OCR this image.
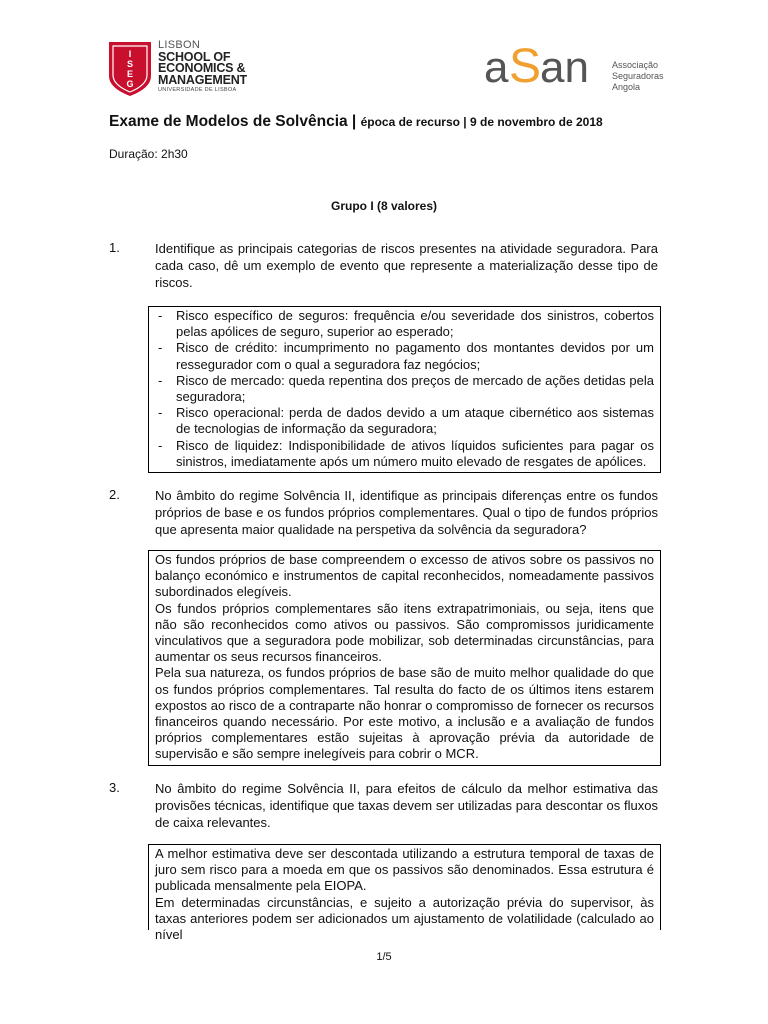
I
S
E
G
LISBON
SCHOOL OF
ECONOMICS &
MANAGEMENT
UNIVERSIDADE DE LISBOA	a S
an	Associação
Seguradoras
Angola
Exame de Modelos de Solvência | época de recurso | 9 de novembro de 2018
Duração: 2h30
Grupo I (8 valores)
1.	Identifique as principais categorias de riscos presentes na atividade seguradora. Para cada caso, dê um exemplo de evento que represente a materialização desse tipo de riscos.
- Risco específico de seguros: frequência e/ou severidade dos sinistros, cobertos pelas apólices de seguro, superior ao esperado;
- Risco de crédito: incumprimento no pagamento dos montantes devidos por um ressegurador com o qual a seguradora faz negócios;
- Risco de mercado: queda repentina dos preços de mercado de ações detidas pela seguradora;
- Risco operacional: perda de dados devido a um ataque cibernético aos sistemas de tecnologias de informação da seguradora;
- Risco de liquidez: Indisponibilidade de ativos líquidos suficientes para pagar os sinistros, imediatamente após um número muito elevado de resgates de apólices.
2.	No âmbito do regime Solvência II, identifique as principais diferenças entre os fundos próprios de base e os fundos próprios complementares. Qual o tipo de fundos próprios que apresenta maior qualidade na perspetiva da solvência da seguradora?

Os fundos próprios de base compreendem o excesso de ativos sobre os passivos no balanço económico e instrumentos de capital reconhecidos, nomeadamente passivos subordinados elegíveis.

Os fundos próprios complementares são itens extrapatrimoniais, ou seja, itens que não são reconhecidos como ativos ou passivos. São compromissos juridicamente vinculativos que a seguradora pode mobilizar, sob determinadas circunstâncias, para aumentar os seus recursos financeiros.

Pela sua natureza, os fundos próprios de base são de muito melhor qualidade do que os fundos próprios complementares. Tal resulta do facto de os últimos itens estarem expostos ao risco de a contraparte não honrar o compromisso de fornecer os recursos financeiros quando necessário. Por este motivo, a inclusão e a avaliação de fundos próprios complementares estão sujeitas à aprovação prévia da autoridade de supervisão e são sempre inelegíveis para cobrir o MCR.

3.	No âmbito do regime Solvência II, para efeitos de cálculo da melhor estimativa das provisões técnicas, identifique que taxas devem ser utilizadas para descontar os fluxos de caixa relevantes.

A melhor estimativa deve ser descontada utilizando a estrutura temporal de taxas de juro sem risco para a moeda em que os passivos são denominados. Essa estrutura é publicada mensalmente pela EIOPA.

Em determinadas circunstâncias, e sujeito a autorização prévia do supervisor, às taxas anteriores podem ser adicionados um ajustamento de volatilidade (calculado ao nível

1/5
